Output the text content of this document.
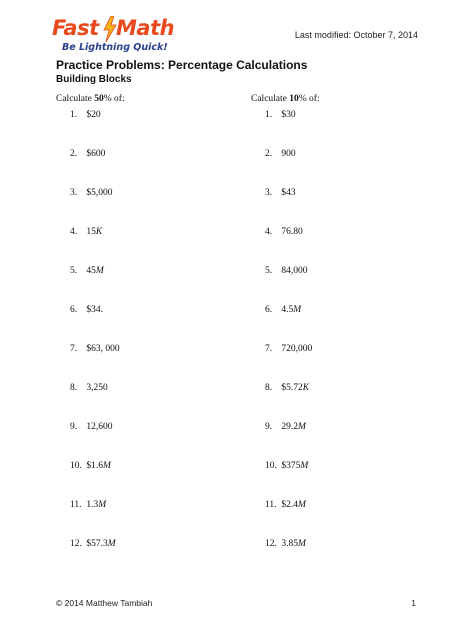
Fast Math
Be Lightning Quick!
Last modified: October 7, 2014
Practice Problems: Percentage Calculations
Building Blocks
Calculate 50% of:
1. $20
2. $600
3. $5,000
4. 15K
5. 45M
6. $34.
7. $63, 000
8. 3,250
9. 12,600
10. $1.6M
11. 1.3M
12. $57.3M
Calculate 10% of:
1. $30
2. 900
3. $43
4. 76.80
5. 84,000
6. 4.5M
7. 720,000
8. $5.72K
9. 29.2M
10. $375M
11. $2.4M
12. 3.85M
© 2014 Matthew Tambiah	1
